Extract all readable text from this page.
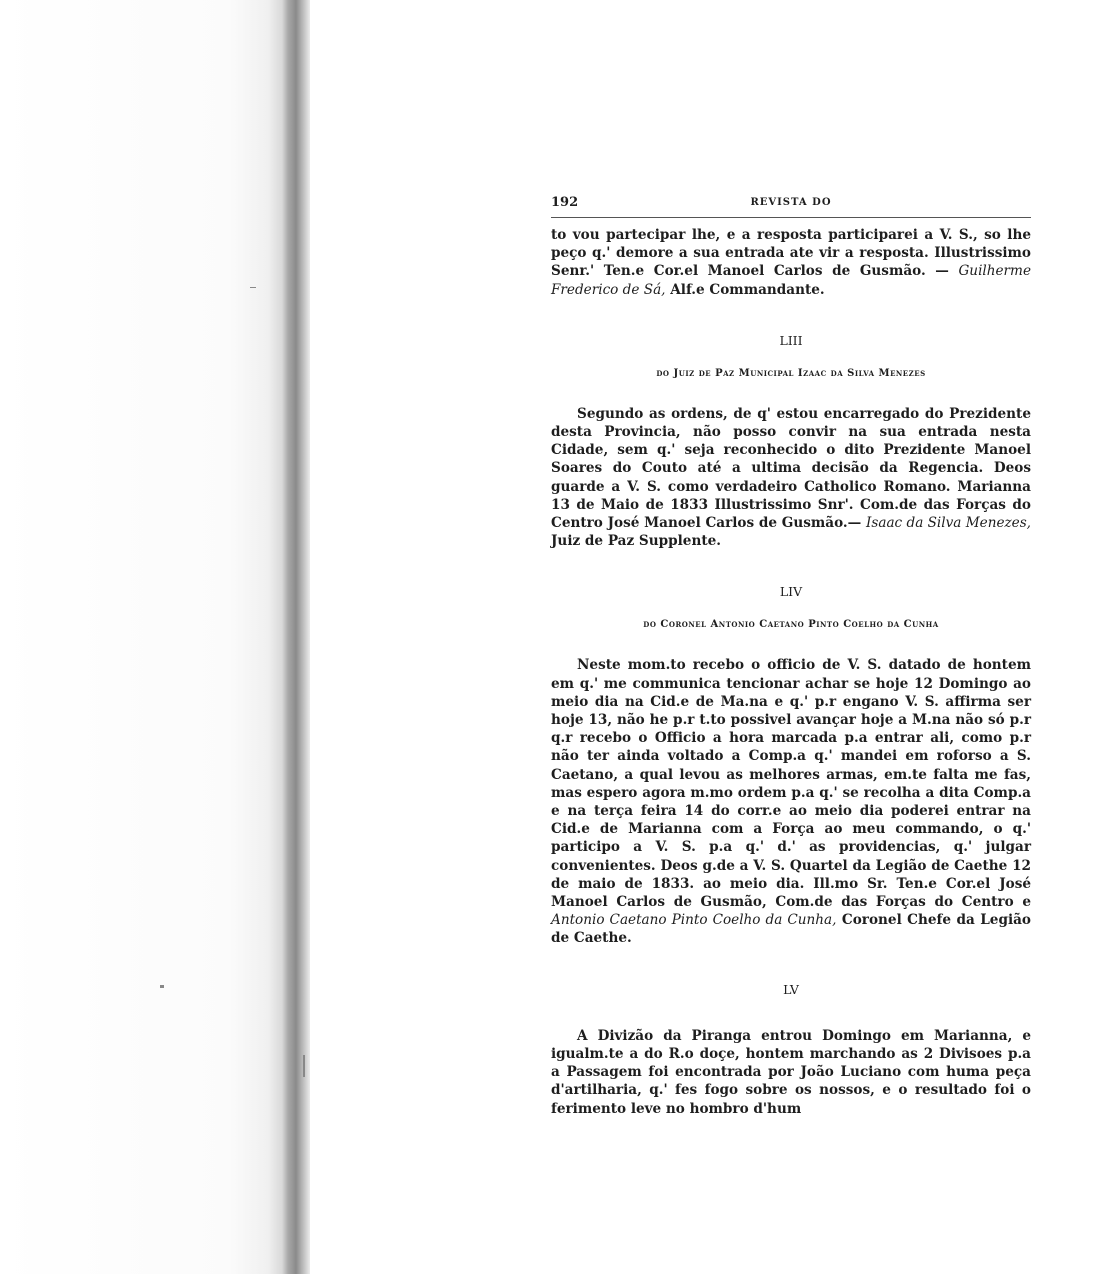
192	REVISTA DO

to vou partecipar lhe, e a resposta participarei a V. S., so lhe peço q.' demore a sua entrada ate vir a resposta. Illustrissimo Senr.' Ten.e Cor.el Manoel Carlos de Gusmão. — Guilherme Frederico de Sá, Alf.e Commandante.

LIII
do Juiz de Paz Municipal Izaac da Silva Menezes

Segundo as ordens, de q' estou encarregado do Prezidente desta Provincia, não posso convir na sua entrada nesta Cidade, sem q.' seja reconhecido o dito Prezidente Manoel Soares do Couto até a ultima decisão da Regencia. Deos guarde a V. S. como verdadeiro Catholico Romano. Marianna 13 de Maio de 1833 Illustrissimo Snr'. Com.de das Forças do Centro José Manoel Carlos de Gusmão.— Isaac da Silva Menezes, Juiz de Paz Supplente.

LIV
do Coronel Antonio Caetano Pinto Coelho da Cunha

Neste mom.to recebo o officio de V. S. datado de hontem em q.' me communica tencionar achar se hoje 12 Domingo ao meio dia na Cid.e de Ma.na e q.' p.r engano V. S. affirma ser hoje 13, não he p.r t.to possivel avançar hoje a M.na não só p.r q.r recebo o Officio a hora marcada p.a entrar ali, como p.r não ter ainda voltado a Comp.a q.' mandei em roforso a S. Caetano, a qual levou as melhores armas, em.te falta me fas, mas espero agora m.mo ordem p.a q.' se recolha a dita Comp.a e na terça feira 14 do corr.e ao meio dia poderei entrar na Cid.e de Marianna com a Força ao meu commando, o q.' participo a V. S. p.a q.' d.' as providencias, q.' julgar convenientes. Deos g.de a V. S. Quartel da Legião de Caethe 12 de maio de 1833. ao meio dia. Ill.mo Sr. Ten.e Cor.el José Manoel Carlos de Gusmão, Com.de das Forças do Centro e Antonio Caetano Pinto Coelho da Cunha, Coronel Chefe da Legião de Caethe.

LV

A Divizão da Piranga entrou Domingo em Marianna, e igualm.te a do R.o doçe, hontem marchando as 2 Divisoes p.a a Passagem foi encontrada por João Luciano com huma peça d'artilharia, q.' fes fogo sobre os nossos, e o resultado foi o ferimento leve no hombro d'hum
